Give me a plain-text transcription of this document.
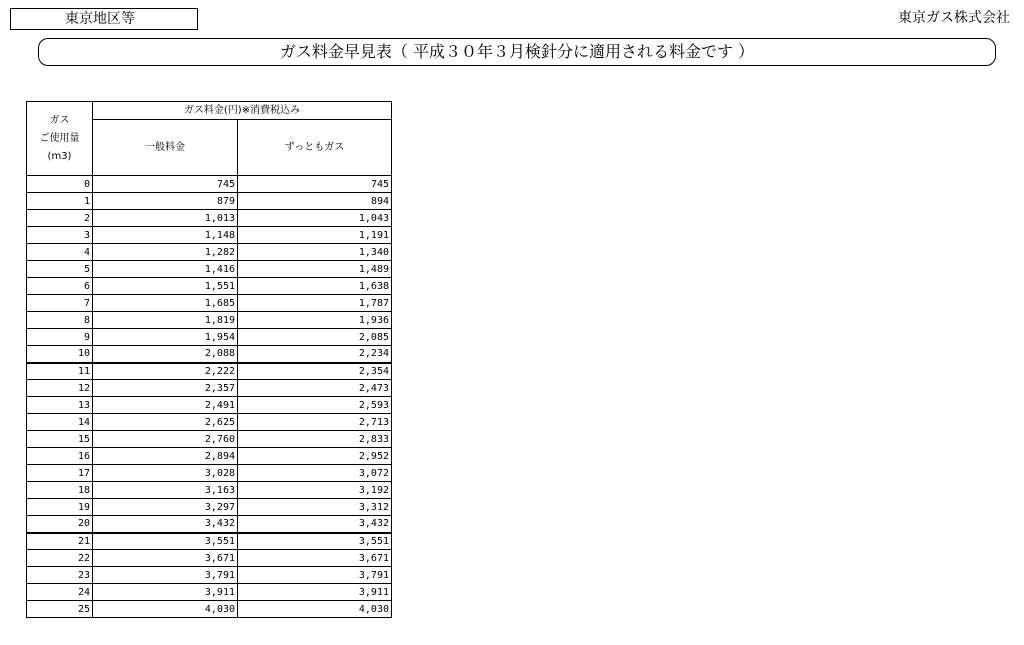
東京地区等	東京ガス株式会社
ガス料金早見表（ 平成３０年３月検針分に適用される料金です ）
ガス
ご使用量
(m3)	ガス料金(円)※消費税込み	
	一般料金	ずっともガス
0	745	745
1	879	894
2	1,013	1,043
3	1,148	1,191
4	1,282	1,340
5	1,416	1,489
6	1,551	1,638
7	1,685	1,787
8	1,819	1,936
9	1,954	2,085
10	2,088	2,234
11	2,222	2,354
12	2,357	2,473
13	2,491	2,593
14	2,625	2,713
15	2,760	2,833
16	2,894	2,952
17	3,028	3,072
18	3,163	3,192
19	3,297	3,312
20	3,432	3,432
21	3,551	3,551
22	3,671	3,671
23	3,791	3,791
24	3,911	3,911
25	4,030	4,030
